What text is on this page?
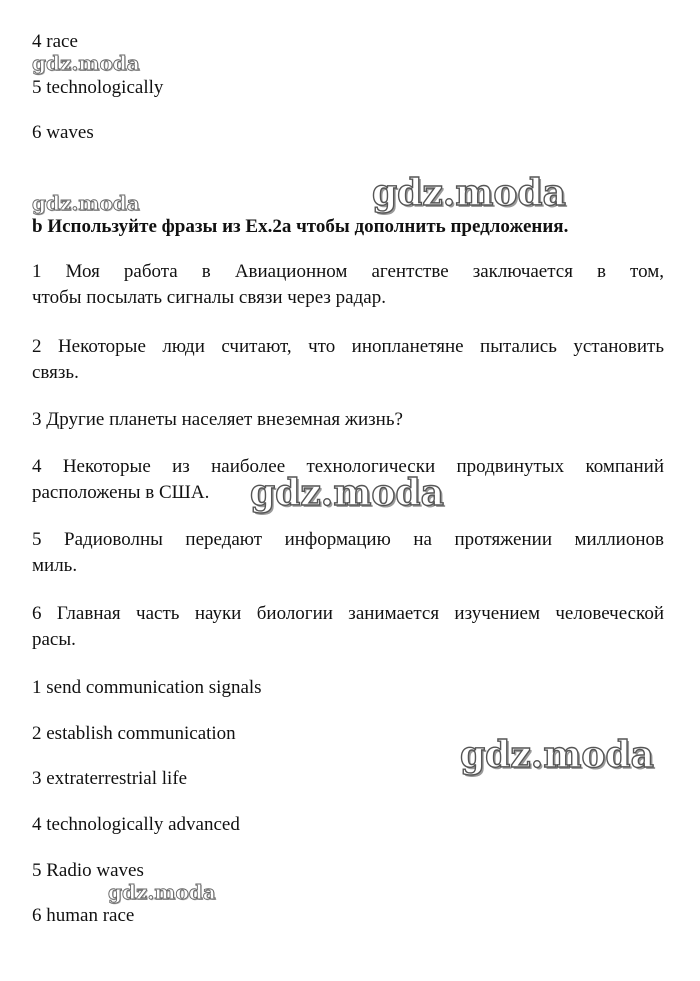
4 race
5 technologically
6 waves
b Используйте фразы из Ex.2a чтобы дополнить предложения.
1 Моя работа в Авиационном агентстве заключается в том,
чтобы посылать сигналы связи через радар.
2 Некоторые люди считают, что инопланетяне пытались установить
связь.
3 Другие планеты населяет внеземная жизнь?
4 Некоторые из наиболее технологически продвинутых компаний
расположены в США.
5 Радиоволны передают информацию на протяжении миллионов
миль.
6 Главная часть науки биологии занимается изучением человеческой
расы.
1 send communication signals
2 establish communication
3 extraterrestrial life
4 technologically advanced
5 Radio waves
6 human race
gdz.moda
gdz.moda	gdz.moda
gdz.moda
gdz.moda
gdz.moda
